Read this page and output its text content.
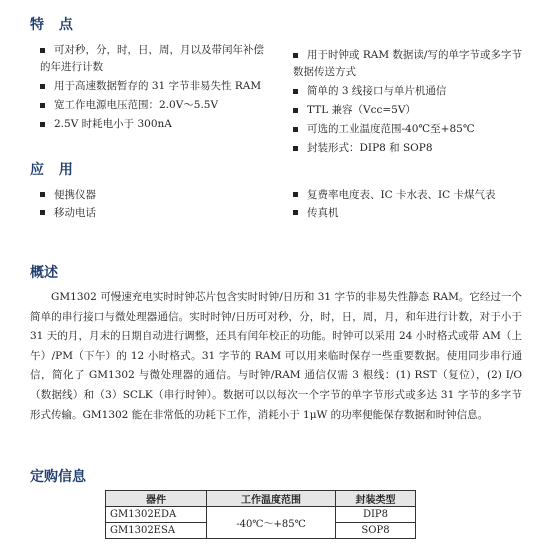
特 点
可对秒，分，时，日，周，月以及带闰年补偿
的年进行计数
用于高速数据暂存的 31 字节非易失性 RAM
宽工作电源电压范围：2.0V～5.5V
2.5V 时耗电小于 300nA
用于时钟或 RAM 数据读/写的单字节或多字节
数据传送方式
简单的 3 线接口与单片机通信
TTL 兼容（Vcc=5V）
可选的工业温度范围-40℃至+85℃
封装形式：DIP8 和 SOP8
应 用
便携仪器
移动电话
复费率电度表、IC 卡水表、IC 卡煤气表
传真机
概述

GM1302 可慢速充电实时时钟芯片包含实时时钟/日历和 31 字节的非易失性静态 RAM。它经过一个简单的串行接口与微处理器通信。实时时钟/日历可对秒，分，时，日，周，月，和年进行计数，对于小于 31 天的月，月末的日期自动进行调整，还具有闰年校正的功能。时钟可以采用 24 小时格式或带 AM（上午）/PM（下午）的 12 小时格式。31 字节的 RAM 可以用来临时保存一些重要数据。使用同步串行通信，简化了 GM1302 与微处理器的通信。与时钟/RAM 通信仅需 3 根线：(1) RST（复位），(2) I/O（数据线）和（3）SCLK（串行时钟）。数据可以以每次一个字节的单字节形式或多达 31 字节的多字节形式传输。GM1302 能在非常低的功耗下工作，消耗小于 1μW 的功率便能保存数据和时钟信息。

定购信息
器件	工作温度范围	封装类型
GM1302EDA	-40℃～+85℃	DIP8
GM1302ESA		SOP8
